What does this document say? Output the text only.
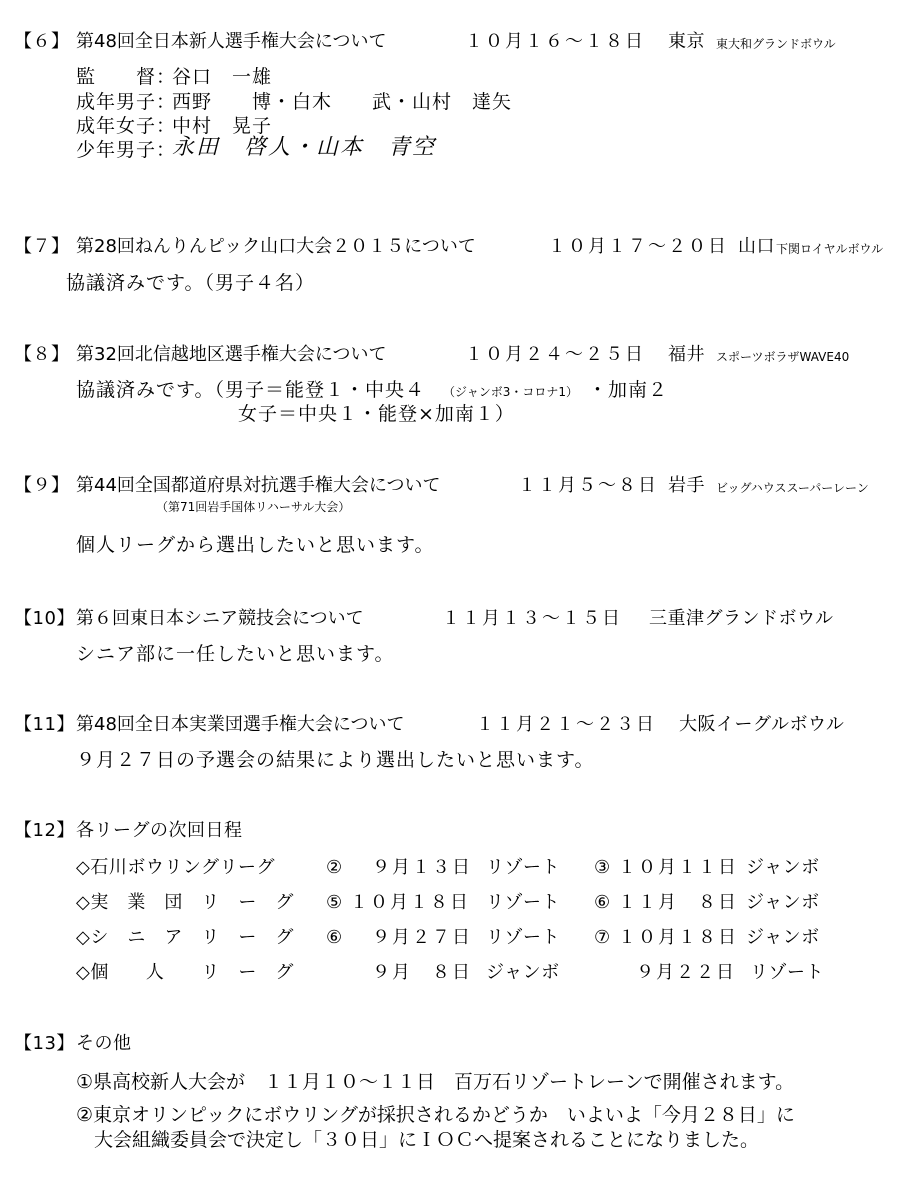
【６】 第48回全日本新人選手権大会について	１０月１６～１８日 東京 東大和グランドボウル
監　　督：
谷口　一雄
成年男子：
西野　　博・白木　　武・山村　達矢
成年女子：
中村　晃子
少年男子：
永田　啓人・山本　青空
【７】 第28回ねんりんピック山口大会２０１５について	１０月１７～２０日 山口 下関ロイヤルボウル
協議済みです。（男子４名）
【８】 第32回北信越地区選手権大会について	１０月２４～２５日 福井 スポーツボラザWAVE40
協議済みです。（男子＝能登１・中央４ （ジャンボ3・コロナ1） ・加南２
女子＝中央１・能登×加南１）
【９】 第44回全国都道府県対抗選手権大会について	１１月５～８日 岩手 ビッグハウススーパーレーン
（第71回岩手国体リハーサル大会）
個人リーグから選出したいと思います。
【10】 第６回東日本シニア競技会について	１１月１３～１５日 三重津グランドボウル
シニア部に一任したいと思います。
【11】 第48回全日本実業団選手権大会について	１１月２１～２３日 大阪イーグルボウル
９月２７日の予選会の結果により選出したいと思います。
【12】 各リーグの次回日程
◇石川ボウリングリーグ	② ９月１３日 リゾート ③ １０月１１日 ジャンボ
◇実　業　団　リ　ー　グ ⑤ １０月１８日 リゾート ⑥ １１月　８日 ジャンボ
◇シ　ニ　ア　リ　ー　グ ⑥ ９月２７日 リゾート ⑦ １０月１８日 ジャンボ
◇個　　人　　リ　ー　グ	９月　８日 ジャンボ	９月２２日 リゾート
【13】 その他
①県高校新人大会が　１１月１０～１１日　百万石リゾートレーンで開催されます。
②東京オリンピックにボウリングが採択されるかどうか　いよいよ「今月２８日」に
大会組織委員会で決定し「３０日」にＩＯＣへ提案されることになりました。
